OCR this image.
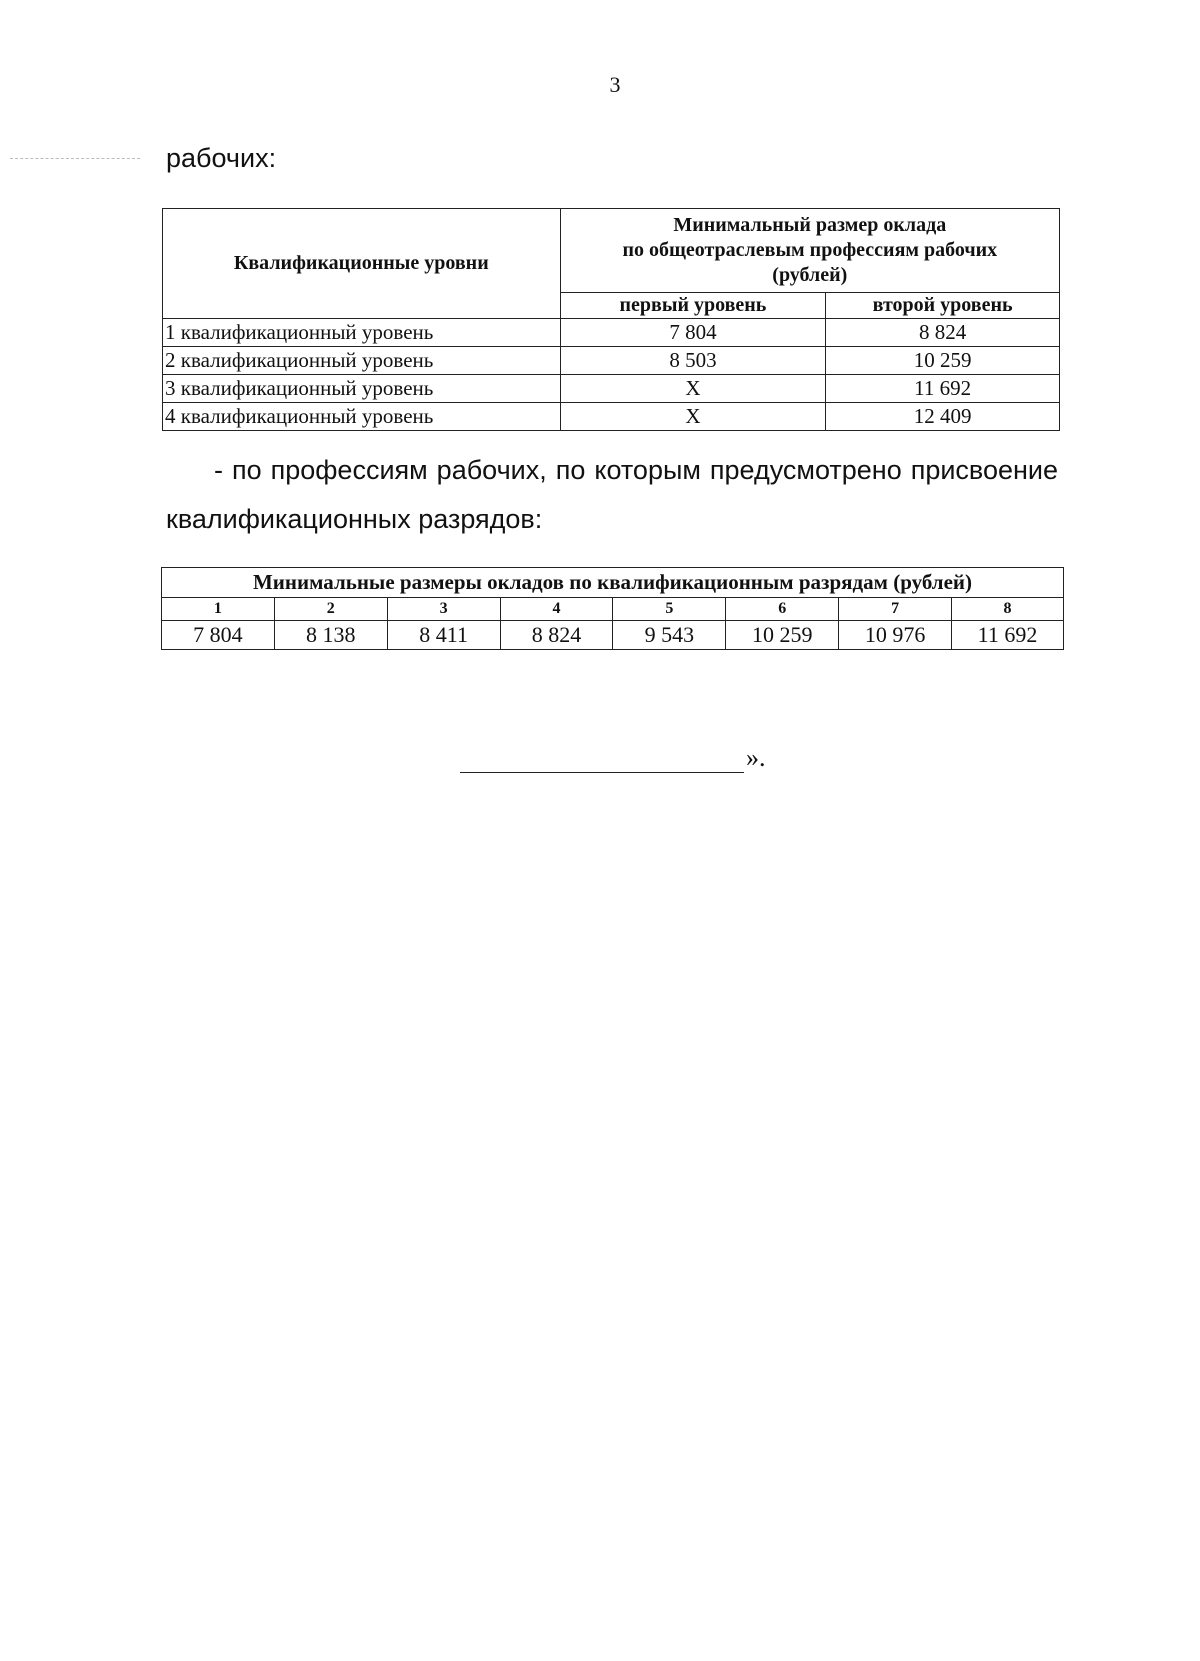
3

рабочих:

Квалификационные уровни	Минимальный размер оклада
по общеотраслевым профессиям рабочих
(рублей)	

	первый уровень	второй уровень
1 квалификационный уровень	7 804	8 824
2 квалификационный уровень	8 503	10 259
3 квалификационный уровень	Х	11 692
4 квалификационный уровень	Х	12 409

- по профессиям рабочих, по которым предусмотрено присвоение квалификационных разрядов:

Минимальные размеры окладов по квалификационным разрядам (рублей)							
1	2	3	4	5	6	7	8
7 804	8 138	8 411	8 824	9 543	10 259	10 976	11 692
».
